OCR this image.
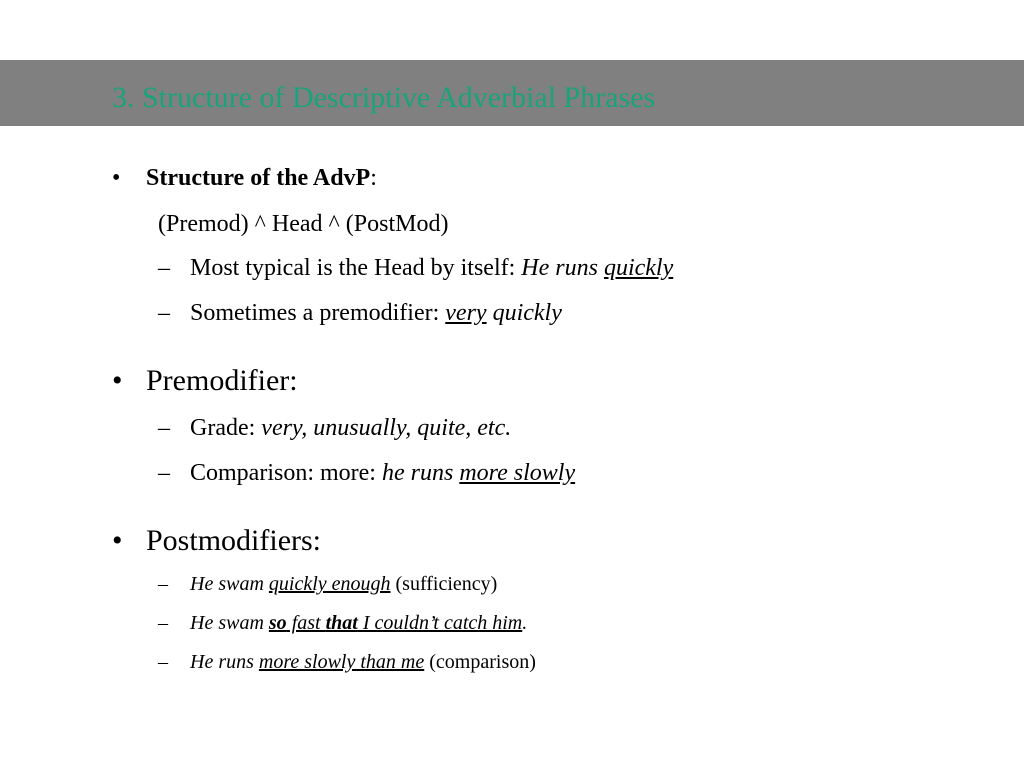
3. Structure of Descriptive Adverbial Phrases
• Structure of the AdvP:
(Premod) ^ Head ^ (PostMod)
– Most typical is the Head by itself: He runs quickly
– Sometimes a premodifier: very quickly
• Premodifier:
– Grade: very, unusually, quite, etc.
– Comparison: more: he runs more slowly
• Postmodifiers:
– He swam quickly enough (sufficiency)
– He swam so fast that I couldn’t catch him.
– He runs more slowly than me (comparison)
